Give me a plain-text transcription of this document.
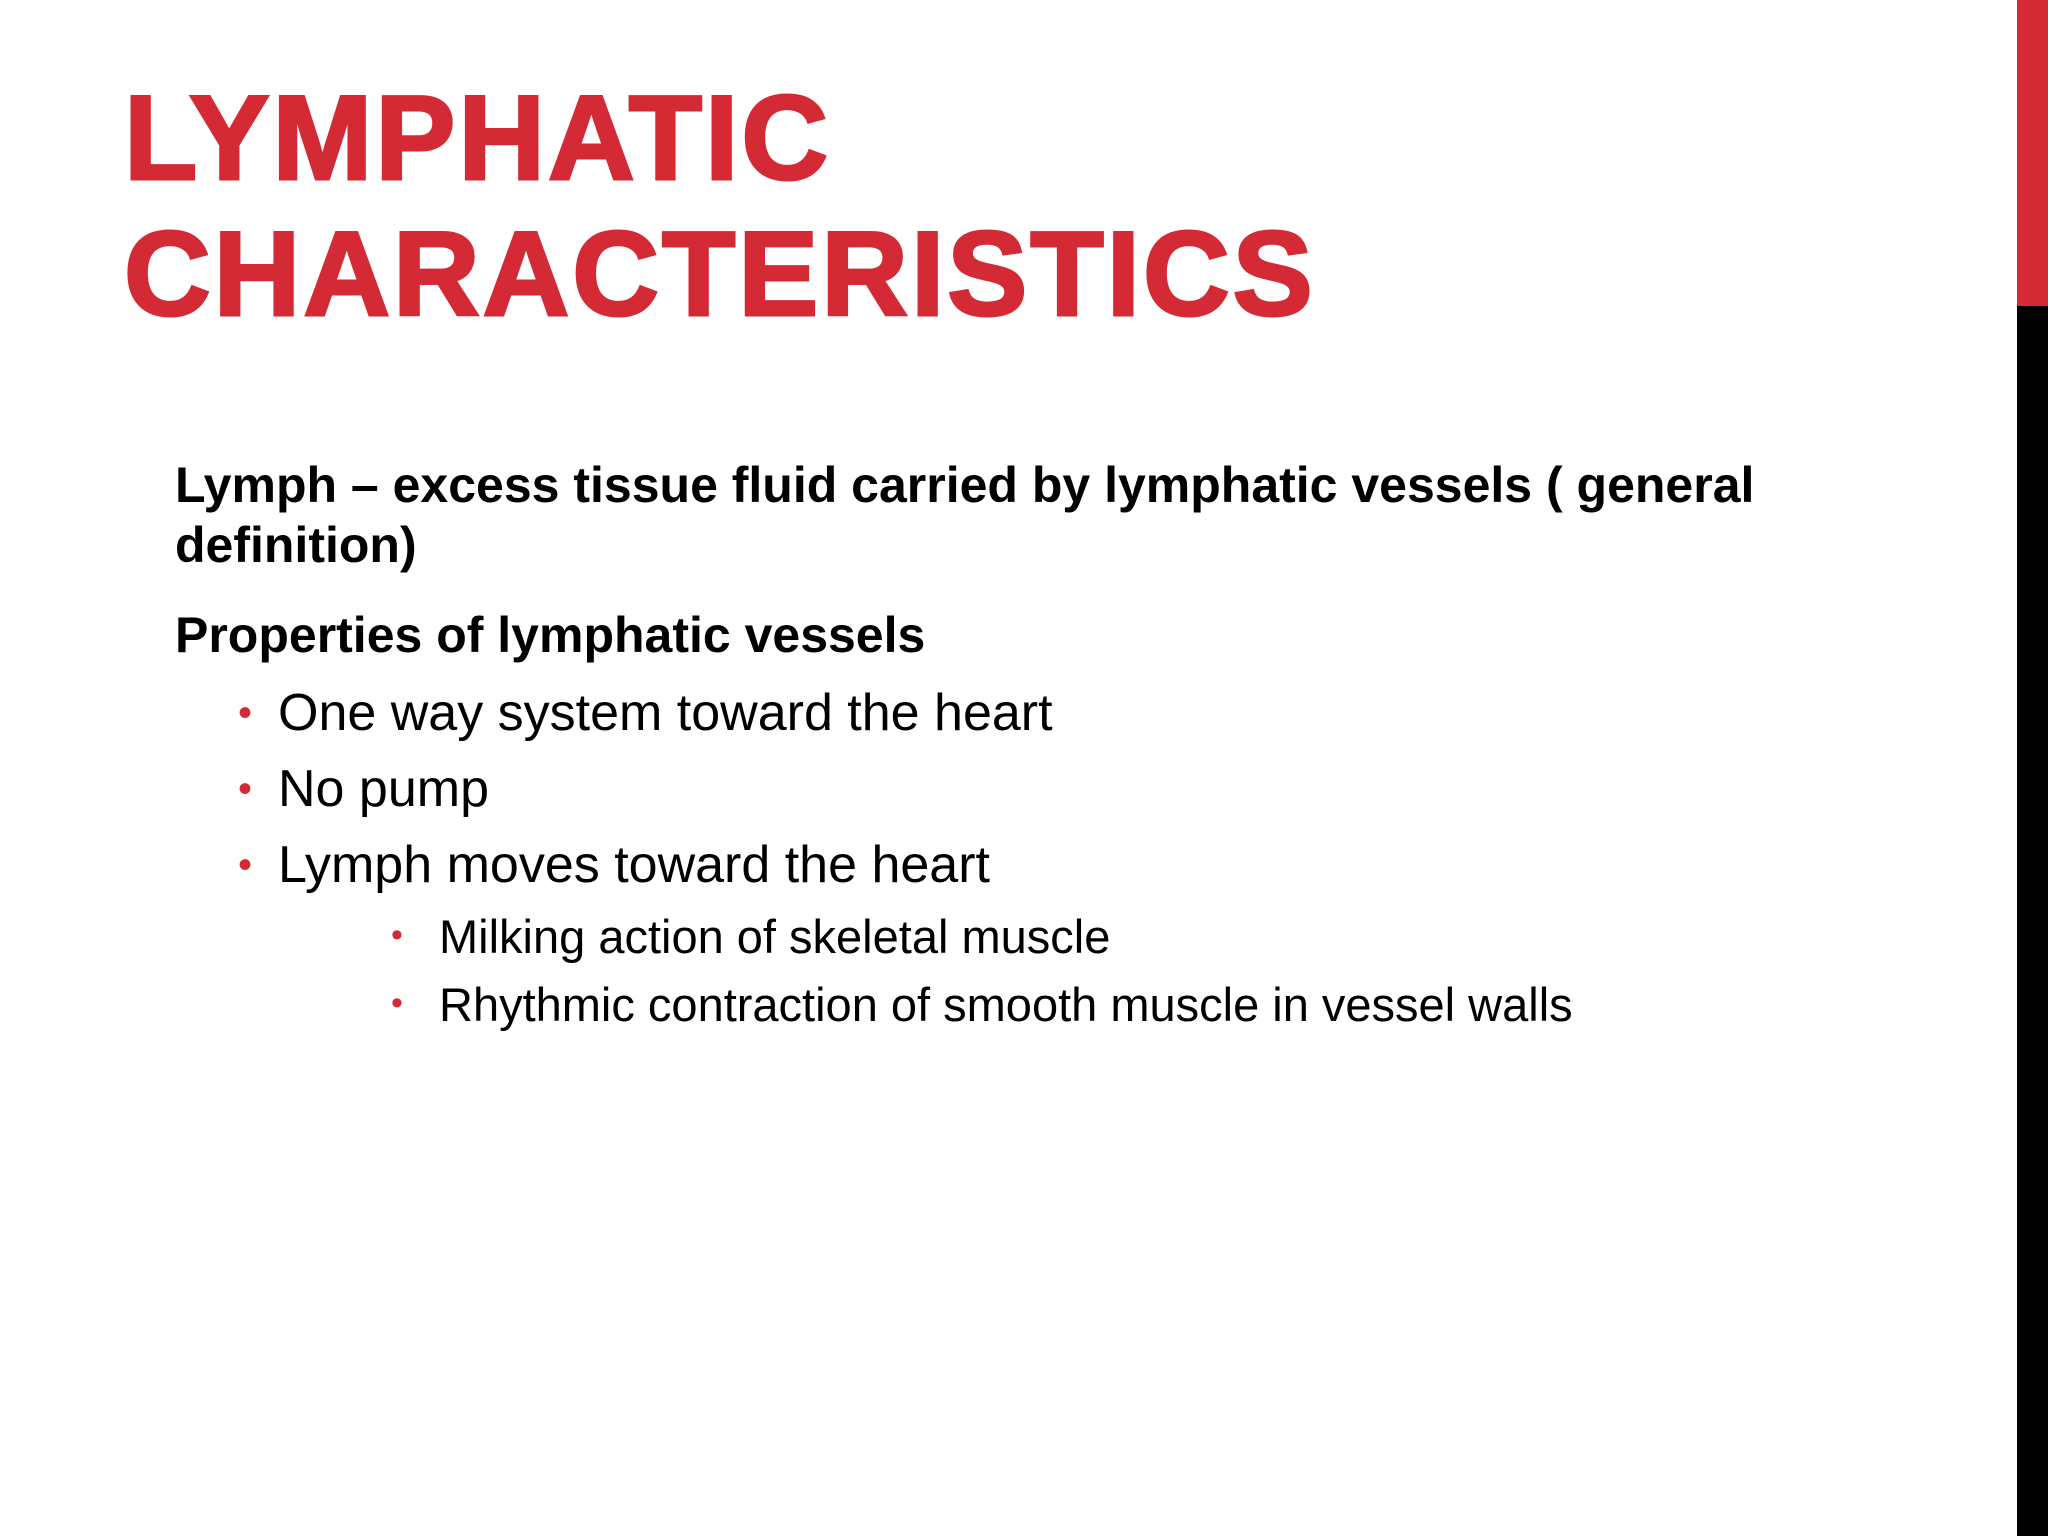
LYMPHATIC
CHARACTERISTICS

Lymph – excess tissue fluid carried by lymphatic vessels ( general definition)

Properties of lymphatic vessels

• One way system toward the heart
• No pump
• Lymph moves toward the heart
• Milking action of skeletal muscle
• Rhythmic contraction of smooth muscle in vessel walls
